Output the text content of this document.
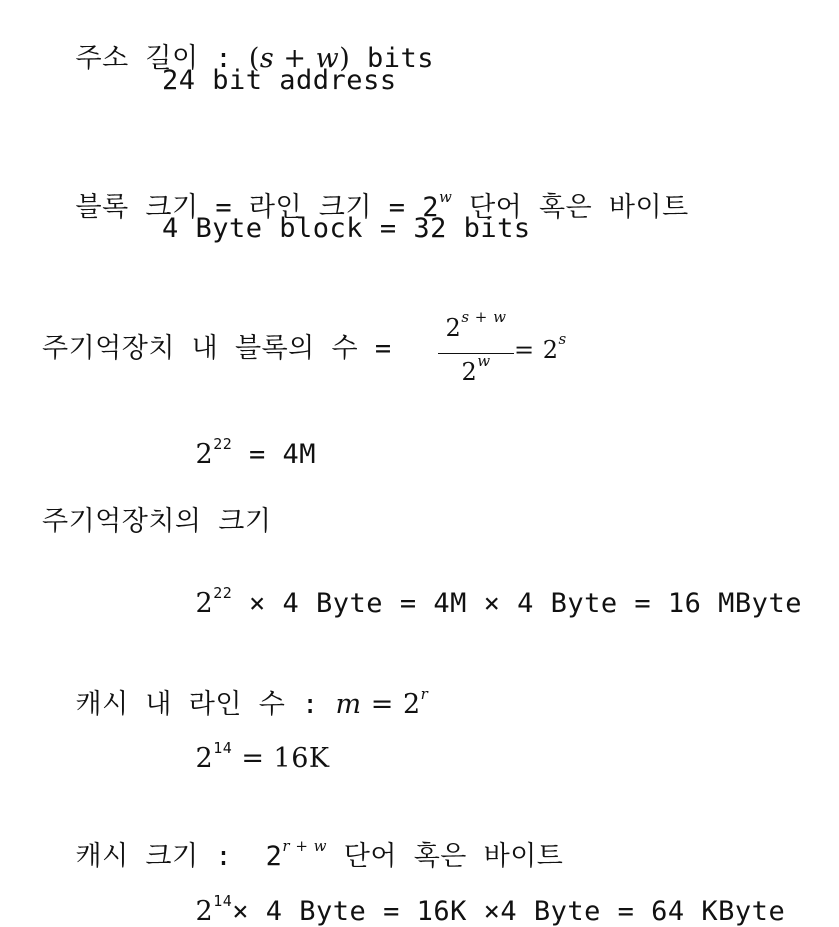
주소 길이 : (s + w) bits

24 bit address

블록 크기 = 라인 크기 = $2^w$ 단어 혹은 바이트

4 Byte block = 32 bits
주기억장치 내 블록의 수 =
$2^{s + w}$
$2^w = 2^s$

$2^{22} = 4M$

주기억장치의 크기

$2^{22} \times 4$ Byte = 4M × 4 Byte = 16 MByte

캐시 내 라인 수 : $m = 2^r$

$2^{14} = 16K$

캐시 크기 :  $2^{r + w}$ 단어 혹은 바이트

$2^{14}\times 4$ Byte = 16K ×4 Byte = 64 KByte
